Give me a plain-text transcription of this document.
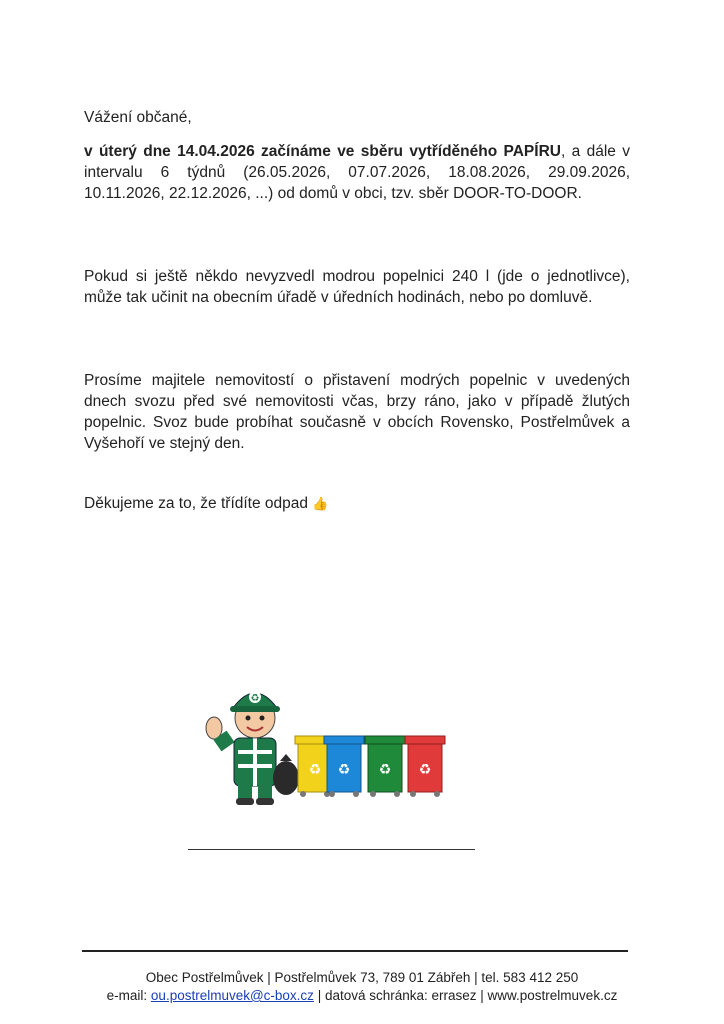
Vážení občané,
v úterý dne 14.04.2026 začínáme ve sběru vytříděného PAPÍRU, a dále v intervalu 6 týdnů (26.05.2026, 07.07.2026, 18.08.2026, 29.09.2026, 10.11.2026, 22.12.2026, ...) od domů v obci, tzv. sběr DOOR-TO-DOOR.
Pokud si ještě někdo nevyzvedl modrou popelnici 240 l (jde o jednotlivce), může tak učinit na obecním úřadě v úředních hodinách, nebo po domluvě.
Prosíme majitele nemovitostí o přistavení modrých popelnic v uvedených dnech svozu před své nemovitosti včas, brzy ráno, jako v případě žlutých popelnic. Svoz bude probíhat současně v obcích Rovensko, Postřelmůvek a Vyšehoří ve stejný den.
Děkujeme za to, že třídíte odpad 👍
♻
♻ ♻ ♻ ♻
Obec Postřelmůvek | Postřelmůvek 73, 789 01 Zábřeh | tel. 583 412 250
e-mail: ou.postrelmuvek@c-box.cz | datová schránka: errasez | www.postrelmuvek.cz
